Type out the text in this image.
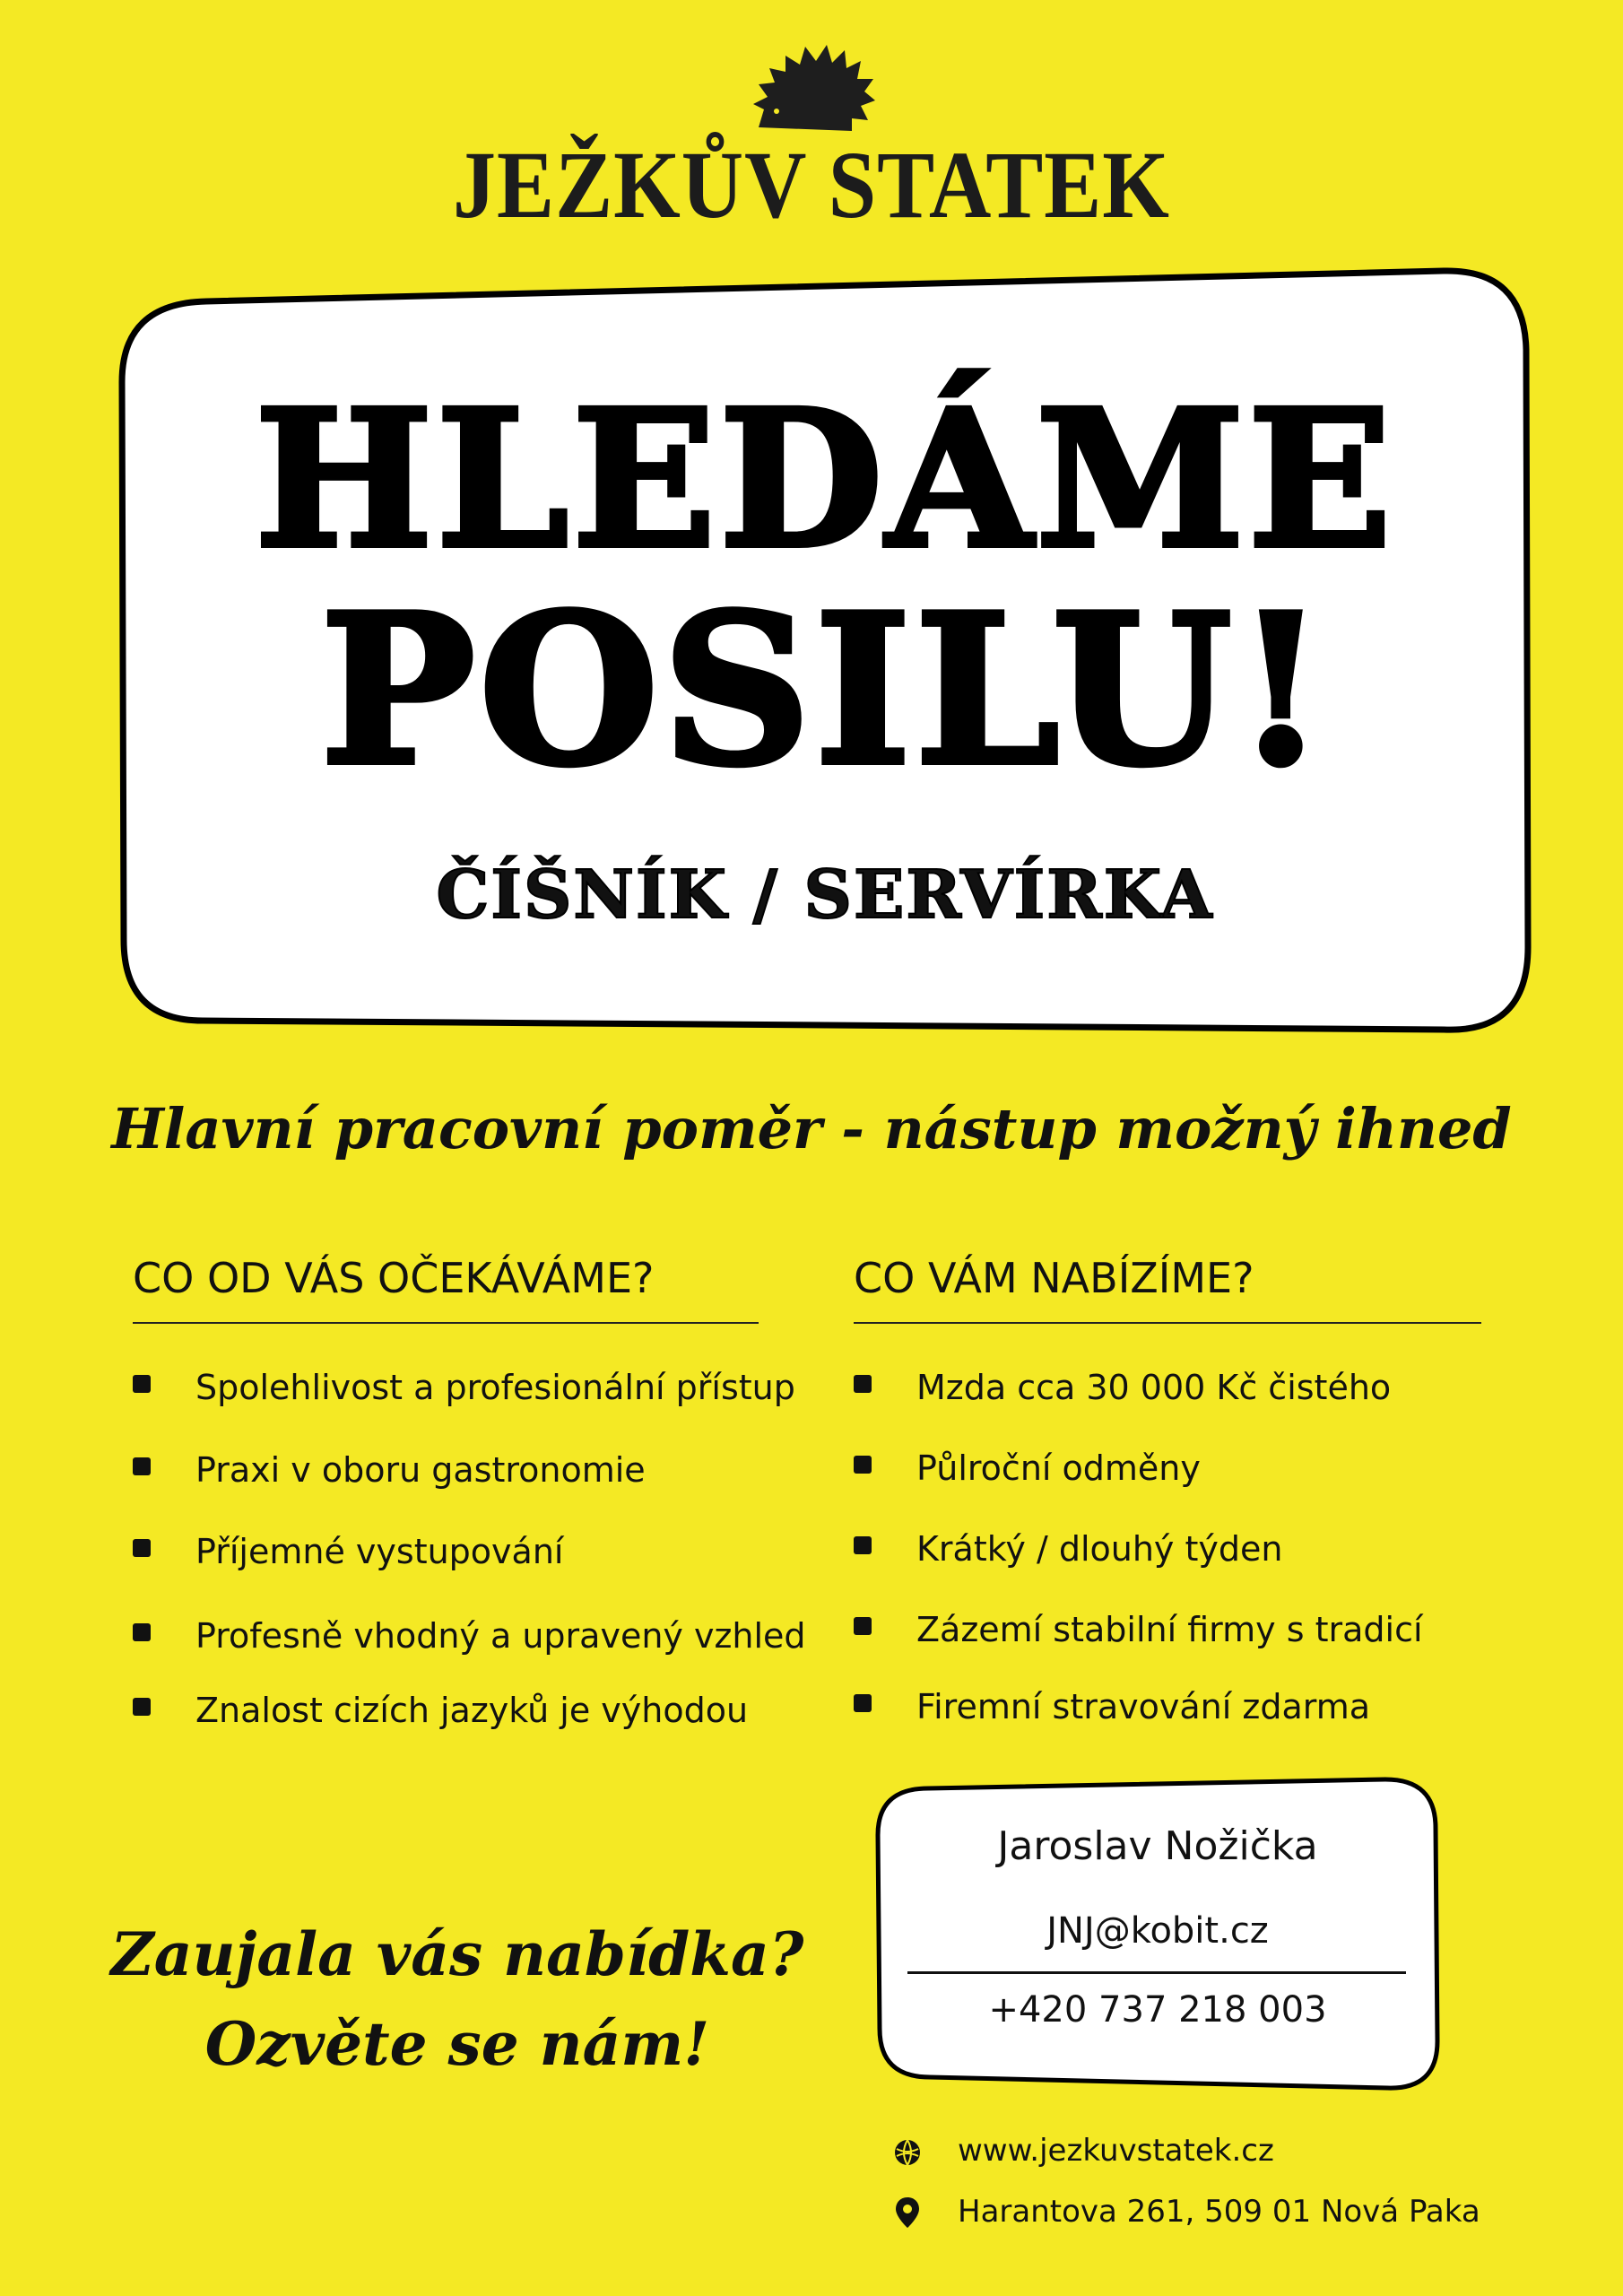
JEŽKŮV STATEK
HLEDÁME
POSILU!
ČÍŠNÍK / SERVÍRKA
Hlavní pracovní poměr - nástup možný ihned
CO OD VÁS OČEKÁVÁME?
Spolehlivost a profesionální přístup
Praxi v oboru gastronomie
Příjemné vystupování
Profesně vhodný a upravený vzhled
Znalost cizích jazyků je výhodou
CO VÁM NABÍZÍME?
Mzda cca 30 000 Kč čistého
Půlroční odměny
Krátký / dlouhý týden
Zázemí stabilní firmy s tradicí
Firemní stravování zdarma
Jaroslav Nožička
JNJ@kobit.cz
+420 737 218 003
Zaujala vás nabídka?
Ozvěte se nám!
www.jezkuvstatek.cz
Harantova 261, 509 01 Nová Paka
